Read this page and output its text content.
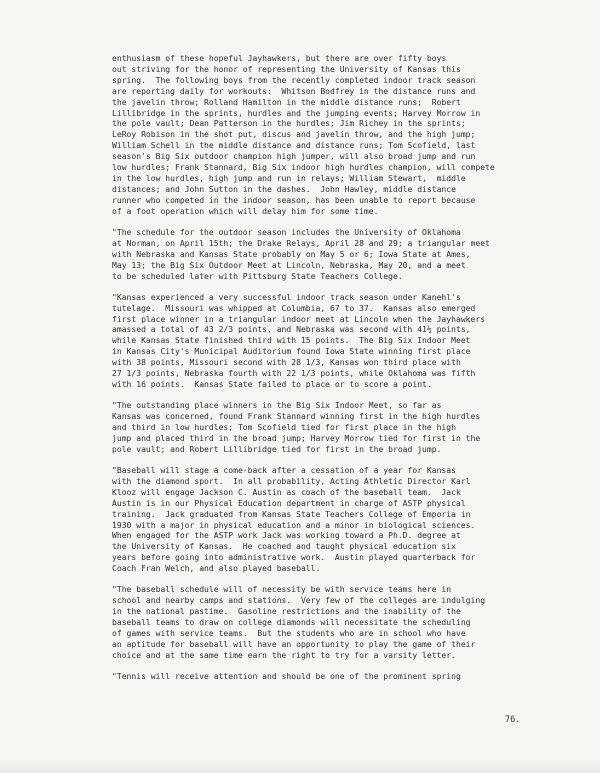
enthusiasm of these hopeful Jayhawkers, but there are over fifty boys
out striving for the honor of representing the University of Kansas this
spring.  The following boys from the recently completed indoor track season
are reporting daily for workouts:  Whitson Bodfrey in the distance runs and
the javelin throw; Rolland Hamilton in the middle distance runs;  Robert
Lillibridge in the sprints, hurdles and the jumping events; Harvey Morrow in
the pole vault; Dean Patterson in the hurdles; Jim Richey in the sprints;
LeRoy Robison in the shot put, discus and javelin throw, and the high jump;
William Schell in the middle distance and distance runs; Tom Scofield, last
season's Big Six outdoor champion high jumper, will also broad jump and run
low hurdles; Frank Stannard, Big Six indoor high hurdles champion, will compete
in the low hurdles, high jump and run in relays; William Stewart,  middle
distances; and John Sutton in the dashes.  John Hawley, middle distance
runner who competed in the indoor season, has been unable to report because
of a foot operation which will delay him for some time.

"The schedule for the outdoor season includes the University of Oklahoma
at Norman, on April 15th; the Drake Relays, April 28 and 29; a triangular meet
with Nebraska and Kansas State probably on May 5 or 6; Iowa State at Ames,
May 13; the Big Six Outdoor Meet at Lincoln, Nebraska, May 20, and a meet
to be scheduled later with Pittsburg State Teachers College.

"Kansas experienced a very successful indoor track season under Kanehl's
tutelage.  Missouri was whipped at Columbia, 67 to 37.  Kansas also emerged
first place winner in a triangular indoor meet at Lincoln when the Jayhawkers
amassed a total of 43 2/3 points, and Nebraska was second with 41½ points,
while Kansas State finished third with 15 points.  The Big Six Indoor Meet
in Kansas City's Municipal Auditorium found Iowa State winning first place
with 38 points, Missouri second with 28 1/3, Kansas won third place with
27 1/3 points, Nebraska fourth with 22 1/3 points, while Oklahoma was fifth
with 16 points.  Kansas State failed to place or to score a point.

"The outstanding place winners in the Big Six Indoor Meet, so far as
Kansas was concerned, found Frank Stannard winning first in the high hurdles
and third in low hurdles; Tom Scofield tied for first place in the high
jump and placed third in the broad jump; Harvey Morrow tied for first in the
pole vault; and Robert Lillibridge tied for first in the broad jump.

"Baseball will stage a come-back after a cessation of a year for Kansas
with the diamond sport.  In all probability, Acting Athletic Director Karl
Klooz will engage Jackson C. Austin as coach of the baseball team.  Jack
Austin is in our Physical Education department in charge of ASTP physical
training.  Jack graduated from Kansas State Teachers College of Emporia in
1930 with a major in physical education and a minor in biological sciences.
When engaged for the ASTP work Jack was working toward a Ph.D. degree at
the University of Kansas.  He coached and taught physical education six
years before going into administrative work.  Austin played quarterback for
Coach Fran Welch, and also played baseball.

"The baseball schedule will of necessity be with service teams here in
school and nearby camps and stations.  Very few of the colleges are indulging
in the national pastime.  Gasoline restrictions and the inability of the
baseball teams to draw on college diamonds will necessitate the scheduling
of games with service teams.  But the students who are in school who have
an aptitude for baseball will have an opportunity to play the game of their
choice and at the same time earn the right to try for a varsity letter.

"Tennis will receive attention and should be one of the prominent spring

76.
